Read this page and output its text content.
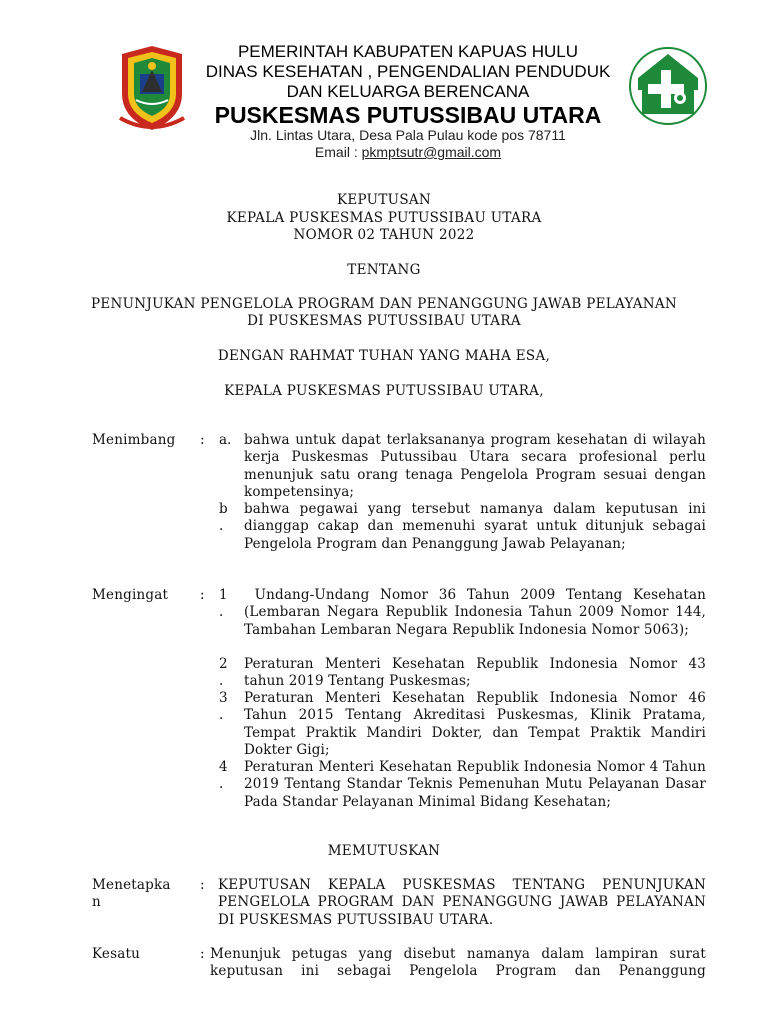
PEMERINTAH KABUPATEN KAPUAS HULU
DINAS KESEHATAN , PENGENDALIAN PENDUDUK
DAN KELUARGA BERENCANA
PUSKESMAS PUTUSSIBAU UTARA
Jln. Lintas Utara, Desa Pala Pulau kode pos 78711
Email : pkmptsutr@gmail.com
KEPUTUSAN
KEPALA PUSKESMAS PUTUSSIBAU UTARA
NOMOR 02 TAHUN 2022
TENTANG
PENUNJUKAN PENGELOLA PROGRAM DAN PENANGGUNG JAWAB PELAYANAN
DI PUSKESMAS PUTUSSIBAU UTARA
DENGAN RAHMAT TUHAN YANG MAHA ESA,
KEPALA PUSKESMAS PUTUSSIBAU UTARA,
Menimbang : a. bahwa untuk dapat terlaksananya program kesehatan di wilayah kerja Puskesmas Putussibau Utara secara profesional perlu menunjuk satu orang tenaga Pengelola Program sesuai dengan kompetensinya;
b
.
bahwa pegawai yang tersebut namanya dalam keputusan ini dianggap cakap dan memenuhi syarat untuk ditunjuk sebagai Pengelola Program dan Penanggung Jawab Pelayanan;
Mengingat : 1
.
Undang-Undang Nomor 36 Tahun 2009 Tentang Kesehatan (Lembaran Negara Republik Indonesia Tahun 2009 Nomor 144, Tambahan Lembaran Negara Republik Indonesia Nomor 5063);
2
.
Peraturan Menteri Kesehatan Republik Indonesia Nomor 43 tahun 2019 Tentang Puskesmas;
3
.
Peraturan Menteri Kesehatan Republik Indonesia Nomor 46 Tahun 2015 Tentang Akreditasi Puskesmas, Klinik Pratama, Tempat Praktik Mandiri Dokter, dan Tempat Praktik Mandiri Dokter Gigi;
4
.
Peraturan Menteri Kesehatan Republik Indonesia Nomor 4 Tahun 2019 Tentang Standar Teknis Pemenuhan Mutu Pelayanan Dasar Pada Standar Pelayanan Minimal Bidang Kesehatan;
MEMUTUSKAN
Menetapka
n
: KEPUTUSAN KEPALA PUSKESMAS TENTANG PENUNJUKAN PENGELOLA PROGRAM DAN PENANGGUNG JAWAB PELAYANAN DI PUSKESMAS PUTUSSIBAU UTARA.
Kesatu	: Menunjuk petugas yang disebut namanya dalam lampiran surat keputusan ini sebagai Pengelola Program dan Penanggung
